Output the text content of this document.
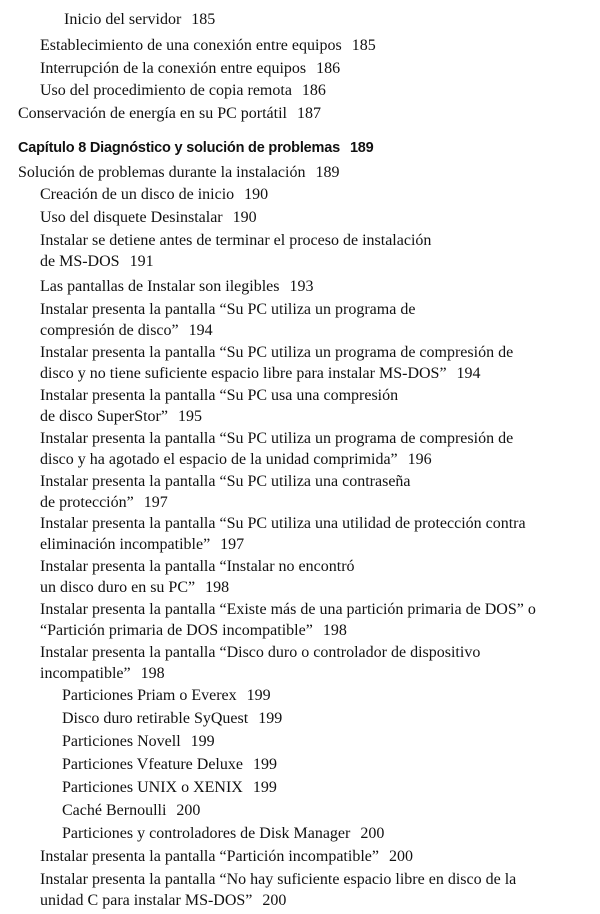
Inicio del servidor 185
Establecimiento de una conexión entre equipos 185
Interrupción de la conexión entre equipos 186
Uso del procedimiento de copia remota 186
Conservación de energía en su PC portátil 187
Capítulo 8 Diagnóstico y solución de problemas 189
Solución de problemas durante la instalación 189
Creación de un disco de inicio 190
Uso del disquete Desinstalar 190
Instalar se detiene antes de terminar el proceso de instalación
de MS-DOS 191
Las pantallas de Instalar son ilegibles 193
Instalar presenta la pantalla “Su PC utiliza un programa de
compresión de disco” 194
Instalar presenta la pantalla “Su PC utiliza un programa de compresión de
disco y no tiene suficiente espacio libre para instalar MS-DOS” 194
Instalar presenta la pantalla “Su PC usa una compresión
de disco SuperStor” 195
Instalar presenta la pantalla “Su PC utiliza un programa de compresión de
disco y ha agotado el espacio de la unidad comprimida” 196
Instalar presenta la pantalla “Su PC utiliza una contraseña
de protección” 197
Instalar presenta la pantalla “Su PC utiliza una utilidad de protección contra
eliminación incompatible” 197
Instalar presenta la pantalla “Instalar no encontró
un disco duro en su PC” 198
Instalar presenta la pantalla “Existe más de una partición primaria de DOS” o
“Partición primaria de DOS incompatible” 198
Instalar presenta la pantalla “Disco duro o controlador de dispositivo
incompatible” 198
Particiones Priam o Everex 199
Disco duro retirable SyQuest 199
Particiones Novell 199
Particiones Vfeature Deluxe 199
Particiones UNIX o XENIX 199
Caché Bernoulli 200
Particiones y controladores de Disk Manager 200
Instalar presenta la pantalla “Partición incompatible” 200
Instalar presenta la pantalla “No hay suficiente espacio libre en disco de la
unidad C para instalar MS-DOS” 200
